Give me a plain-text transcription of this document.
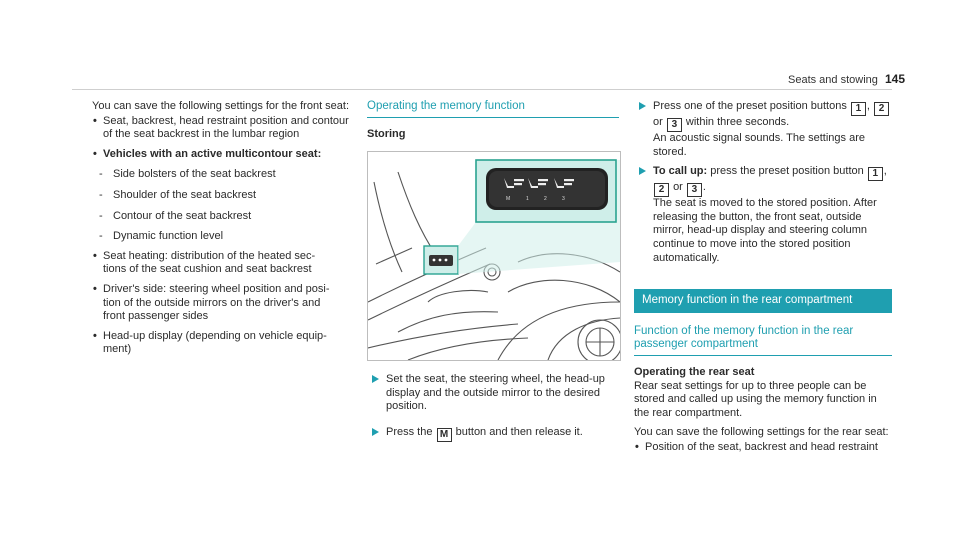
Seats and stowing 145

You can save the following settings for the front seat:

• Seat, backrest, head restraint position and contour of the seat backrest in the lumbar region
• Vehicles with an active multicontour seat:
- Side bolsters of the seat backrest
- Shoulder of the seat backrest
- Contour of the seat backrest
- Dynamic function level
• Seat heating: distribution of the heated sec-
tions of the seat cushion and seat backrest
• Driver's side: steering wheel position and posi-
tion of the outside mirrors on the driver's and
front passenger sides
• Head-up display (depending on vehicle equip-
ment)
Operating the memory function
Storing
M	1	2	3
Set the seat, the steering wheel, the head-up display and the outside mirror to the desired position.
Press the M button and then release it.
Press one of the preset position buttons 1 , 2 or 3 within three seconds.
An acoustic signal sounds. The settings are stored.
To call up: press the preset position button 1 , 2 or 3 .
The seat is moved to the stored position. After releasing the button, the front seat, outside mirror, head-up display and steering column continue to move into the stored position automatically.
Memory function in the rear compartment
Function of the memory function in the rear passenger compartment
Operating the rear seat

Rear seat settings for up to three people can be stored and called up using the memory function in the rear compartment.

You can save the following settings for the rear seat:

• Position of the seat, backrest and head restraint
